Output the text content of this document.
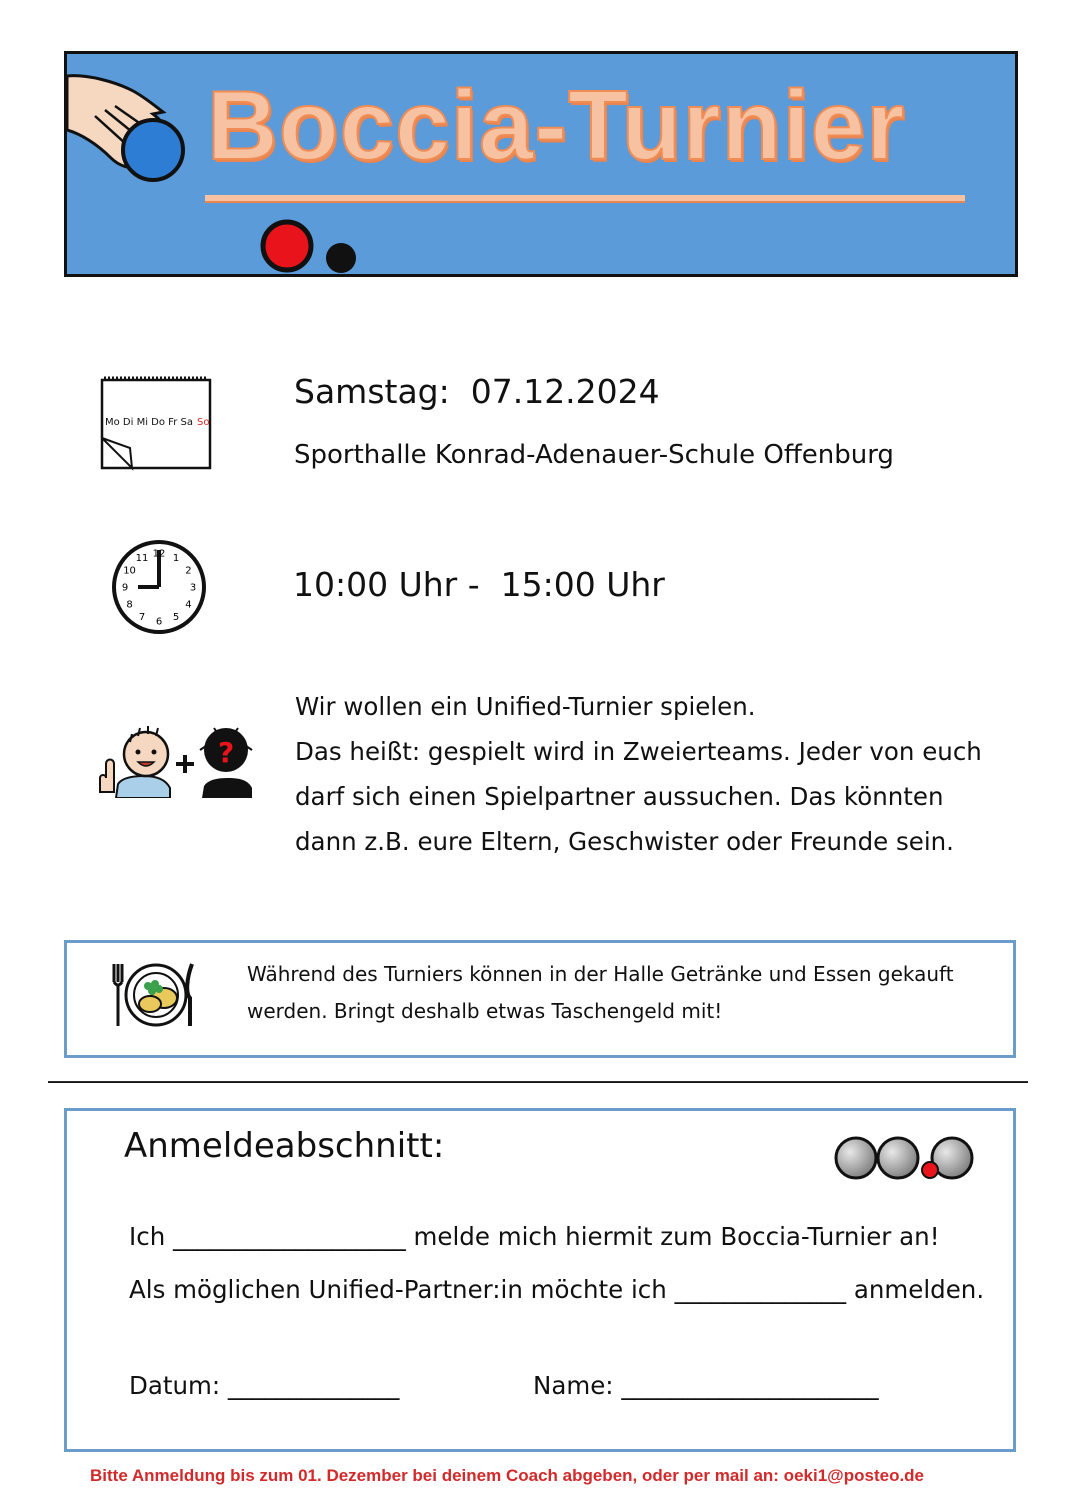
Boccia-Turnier
Mo Di Mi Do Fr Sa So
Samstag:  07.12.2024
Sporthalle Konrad-Adenauer-Schule Offenburg
12 1
2
3
4
5
6
7
8
9
10
11
10:00 Uhr -  15:00 Uhr
?
Wir wollen ein Unified-Turnier spielen.
Das heißt: gespielt wird in Zweierteams. Jeder von euch
darf sich einen Spielpartner aussuchen. Das könnten
dann z.B. eure Eltern, Geschwister oder Freunde sein.
Während des Turniers können in der Halle Getränke und Essen gekauft
werden. Bringt deshalb etwas Taschengeld mit!
———————————————————————————————————
Anmeldeabschnitt:
Ich ___________________ melde mich hiermit zum Boccia-Turnier an!
Als möglichen Unified-Partner:in möchte ich ______________ anmelden.
Datum: ______________	Name: _____________________
Bitte Anmeldung bis zum 01. Dezember bei deinem Coach abgeben, oder per mail an: oeki1@posteo.de
